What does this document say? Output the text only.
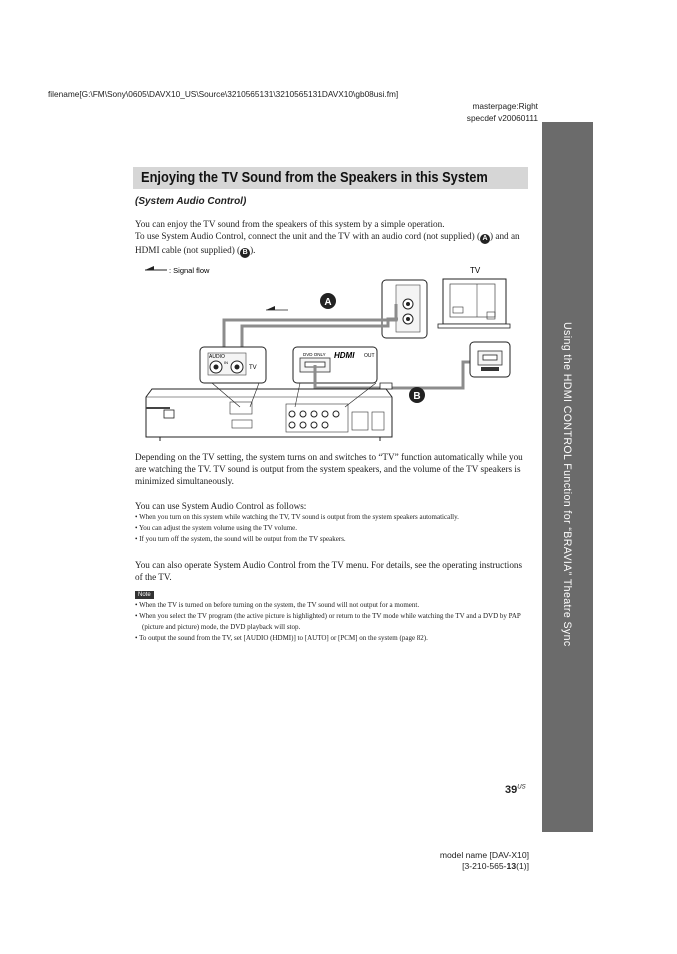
filename[G:\FM\Sony\0605\DAVX10_US\Source\3210565131\3210565131DAVX10\gb08usi.fm]
masterpage:Right
specdef v20060111
Using the HDMI CONTROL Function for “BRAVIA” Theatre Sync
Enjoying the TV Sound from the Speakers in this System
(System Audio Control)

You can enjoy the TV sound from the speakers of this system by a simple operation.
To use System Audio Control, connect the unit and the TV with an audio cord (not supplied) ( A ) and an HDMI cable (not supplied) ( B ).

: Signal flow	TV
A
AUDIO
IN
TV
DVD ONLY HDMI OUT
B

Depending on the TV setting, the system turns on and switches to “TV” function automatically while you are watching the TV. TV sound is output from the system speakers, and the volume of the TV speakers is minimized simultaneously.

You can use System Audio Control as follows:

• When you turn on this system while watching the TV, TV sound is output from the system speakers automatically.
• You can adjust the system volume using the TV volume.
• If you turn off the system, the sound will be output from the TV speakers.

You can also operate System Audio Control from the TV menu. For details, see the operating instructions of the TV.

Note
• When the TV is turned on before turning on the system, the TV sound will not output for a moment.
• When you select the TV program (the active picture is highlighted) or return to the TV mode while watching the TV and a DVD by PAP (picture and picture) mode, the DVD playback will stop.
• To output the sound from the TV, set [AUDIO (HDMI)] to [AUTO] or [PCM] on the system (page 82).
$39^{US}$
model name [DAV-X10]
[3-210-565-13(1)]
